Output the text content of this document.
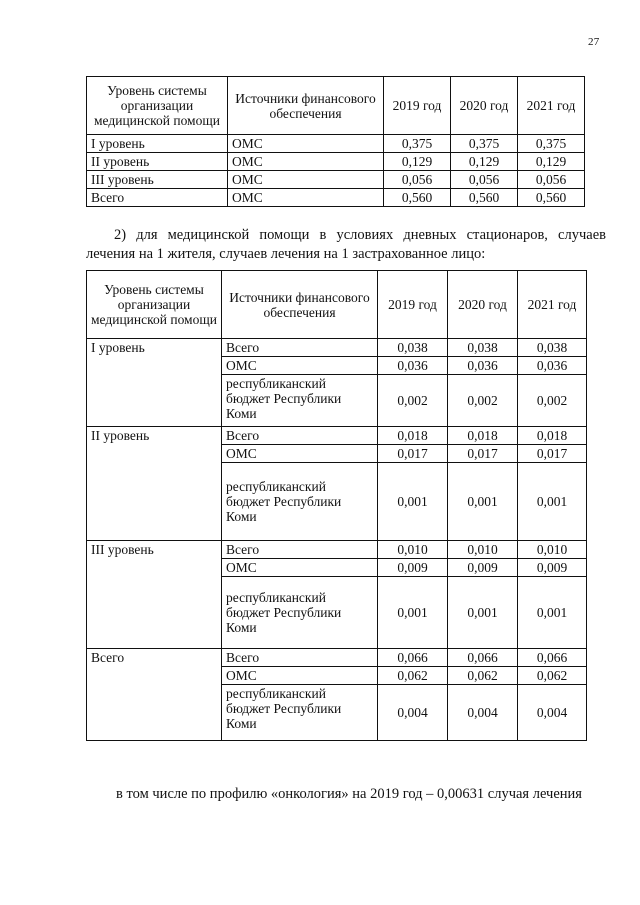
27
Уровень системы организации медицинской помощи	Источники финансового обеспечения	2019 год	2020 год	2021 год
I уровень	ОМС	0,375	0,375	0,375
II уровень	ОМС	0,129	0,129	0,129
III уровень	ОМС	0,056	0,056	0,056
Всего	ОМС	0,560	0,560	0,560
2) для медицинской помощи в условиях дневных стационаров, случаев лечения на 1 жителя, случаев лечения на 1 застрахованное лицо:
Уровень системы организации медицинской помощи	Источники финансового обеспечения	2019 год	2020 год	2021 год
I уровень	Всего	0,038	0,038	0,038
	ОМС	0,036	0,036	0,036
	республиканский бюджет Республики Коми	0,002	0,002	0,002
II уровень	Всего	0,018	0,018	0,018
	ОМС	0,017	0,017	0,017
	республиканский бюджет Республики Коми	0,001	0,001	0,001
III уровень	Всего	0,010	0,010	0,010
	ОМС	0,009	0,009	0,009
	республиканский бюджет Республики Коми	0,001	0,001	0,001
Всего	Всего	0,066	0,066	0,066
	ОМС	0,062	0,062	0,062
	республиканский бюджет Республики Коми	0,004	0,004	0,004
в том числе по профилю «онкология» на 2019 год – 0,00631 случая лечения
